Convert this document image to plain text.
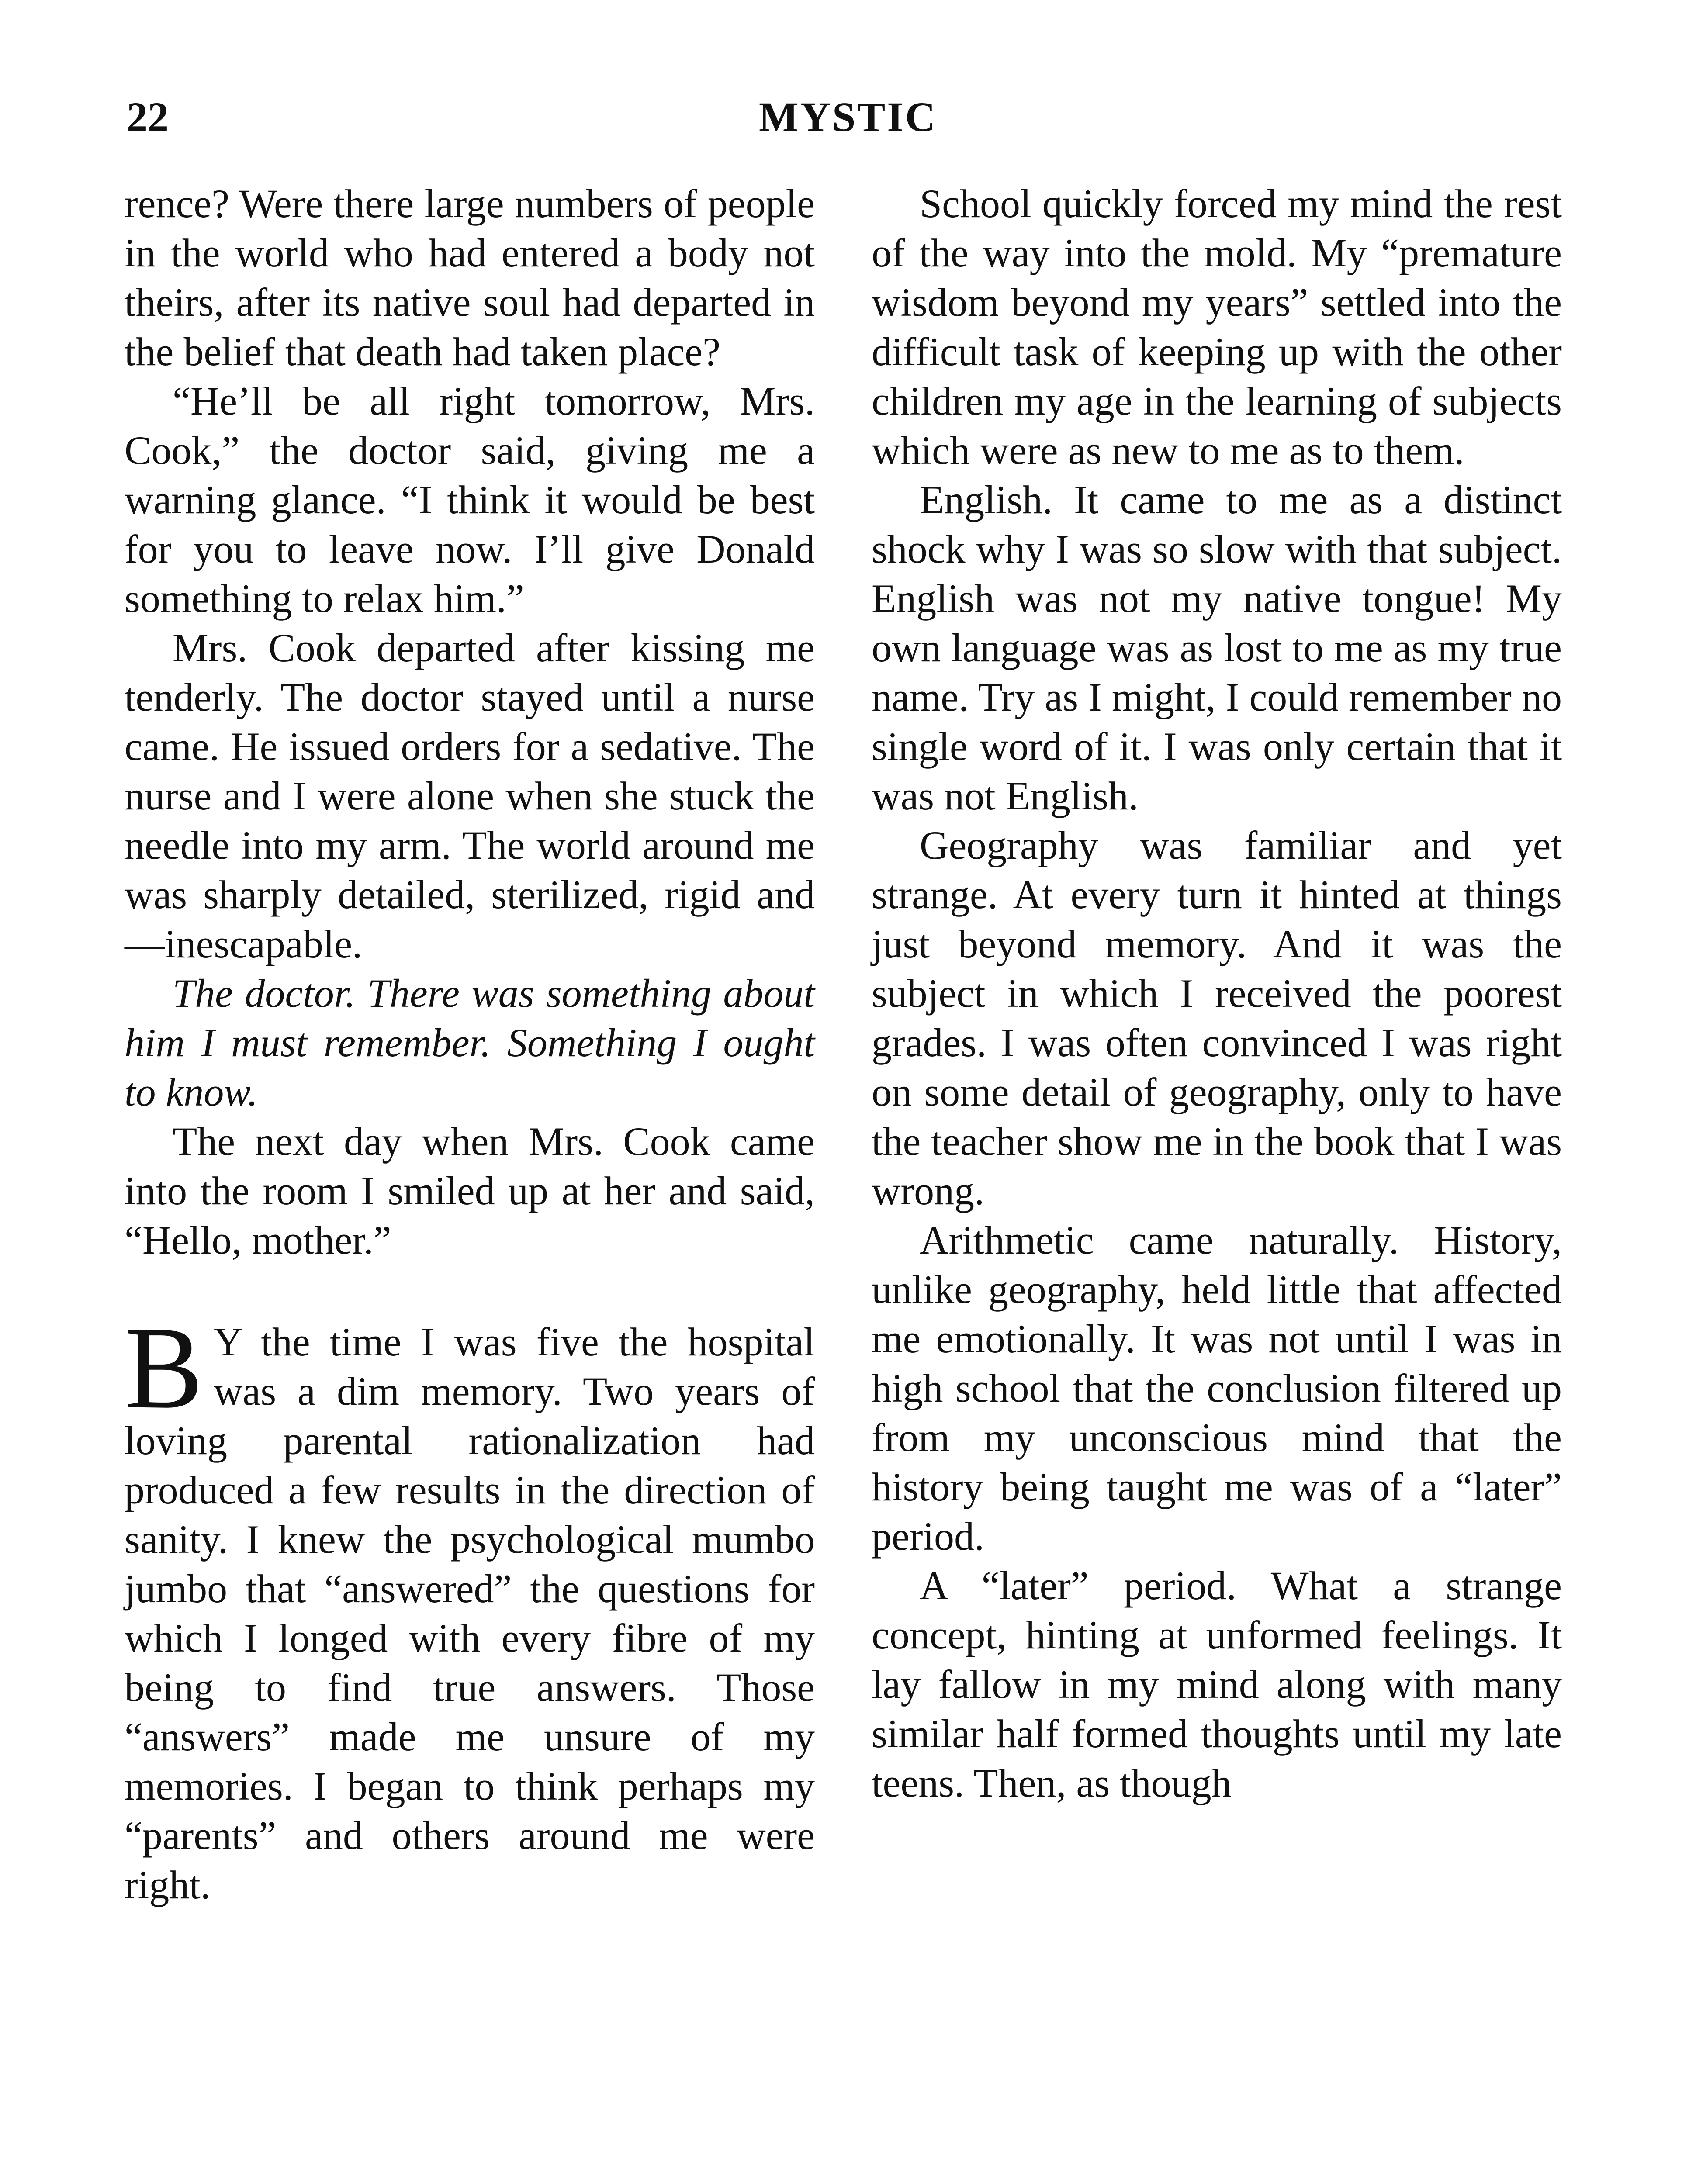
22	MYSTIC

rence? Were there large numbers of people in the world who had entered a body not theirs, after its native soul had departed in the belief that death had taken place?

“He’ll be all right tomorrow, Mrs. Cook,” the doctor said, giving me a warning glance. “I think it would be best for you to leave now. I’ll give Donald something to relax him.”

Mrs. Cook departed after kissing me tenderly. The doctor stayed until a nurse came. He issued orders for a sedative. The nurse and I were alone when she stuck the needle into my arm. The world around me was sharply detailed, sterilized, rigid and—inescapable.

The doctor. There was something about him I must remember. Something I ought to know.

The next day when Mrs. Cook came into the room I smiled up at her and said, “Hello, mother.”

B Y the time I was five the hospital was a dim memory. Two years of loving parental rationalization had produced a few results in the direction of sanity. I knew the psychological mumbo jumbo that “answered” the questions for which I longed with every fibre of my being to find true answers. Those “answers” made me unsure of my memories. I began to think perhaps my “parents” and others around me were right.

School quickly forced my mind the rest of the way into the mold. My “premature wisdom beyond my years” settled into the difficult task of keeping up with the other children my age in the learning of subjects which were as new to me as to them.

English. It came to me as a distinct shock why I was so slow with that subject. English was not my native tongue! My own language was as lost to me as my true name. Try as I might, I could remember no single word of it. I was only certain that it was not English.

Geography was familiar and yet strange. At every turn it hinted at things just beyond memory. And it was the subject in which I received the poorest grades. I was often convinced I was right on some detail of geography, only to have the teacher show me in the book that I was wrong.

Arithmetic came naturally. History, unlike geography, held little that affected me emotionally. It was not until I was in high school that the conclusion filtered up from my unconscious mind that the history being taught me was of a “later” period.

A “later” period. What a strange concept, hinting at unformed feelings. It lay fallow in my mind along with many similar half formed thoughts until my late teens. Then, as though
